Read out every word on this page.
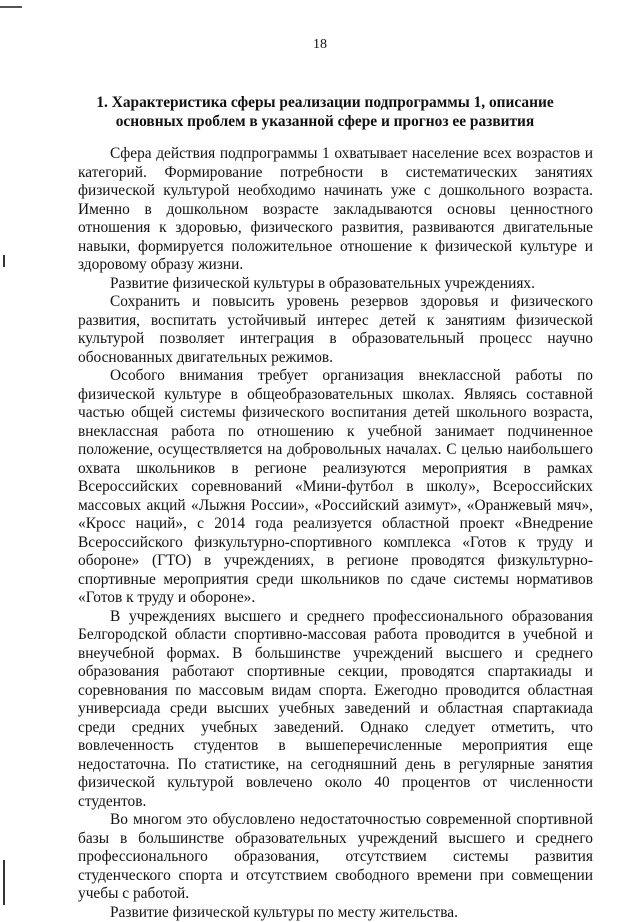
18
1. Характеристика сферы реализации подпрограммы 1, описание основных проблем в указанной сфере и прогноз ее развития

Сфера действия подпрограммы 1 охватывает население всех возрастов и категорий. Формирование потребности в систематических занятиях физической культурой необходимо начинать уже с дошкольного возраста. Именно в дошкольном возрасте закладываются основы ценностного отношения к здоровью, физического развития, развиваются двигательные навыки, формируется положительное отношение к физической культуре и здоровому образу жизни.

Развитие физической культуры в образовательных учреждениях.

Сохранить и повысить уровень резервов здоровья и физического развития, воспитать устойчивый интерес детей к занятиям физической культурой позволяет интеграция в образовательный процесс научно обоснованных двигательных режимов.

Особого внимания требует организация внеклассной работы по физической культуре в общеобразовательных школах. Являясь составной частью общей системы физического воспитания детей школьного возраста, внеклассная работа по отношению к учебной занимает подчиненное положение, осуществляется на добровольных началах. С целью наибольшего охвата школьников в регионе реализуются мероприятия в рамках Всероссийских соревнований «Мини-футбол в школу», Всероссийских массовых акций «Лыжня России», «Российский азимут», «Оранжевый мяч», «Кросс наций», с 2014 года реализуется областной проект «Внедрение Всероссийского физкультурно-спортивного комплекса «Готов к труду и обороне» (ГТО) в учреждениях, в регионе проводятся физкультурно-спортивные мероприятия среди школьников по сдаче системы нормативов «Готов к труду и обороне».

В учреждениях высшего и среднего профессионального образования Белгородской области спортивно-массовая работа проводится в учебной и внеучебной формах. В большинстве учреждений высшего и среднего образования работают спортивные секции, проводятся спартакиады и соревнования по массовым видам спорта. Ежегодно проводится областная универсиада среди высших учебных заведений и областная спартакиада среди средних учебных заведений. Однако следует отметить, что вовлеченность студентов в вышеперечисленные мероприятия еще недостаточна. По статистике, на сегодняшний день в регулярные занятия физической культурой вовлечено около 40 процентов от численности студентов.

Во многом это обусловлено недостаточностью современной спортивной базы в большинстве образовательных учреждений высшего и среднего профессионального образования, отсутствием системы развития студенческого спорта и отсутствием свободного времени при совмещении учебы с работой.

Развитие физической культуры по месту жительства.
